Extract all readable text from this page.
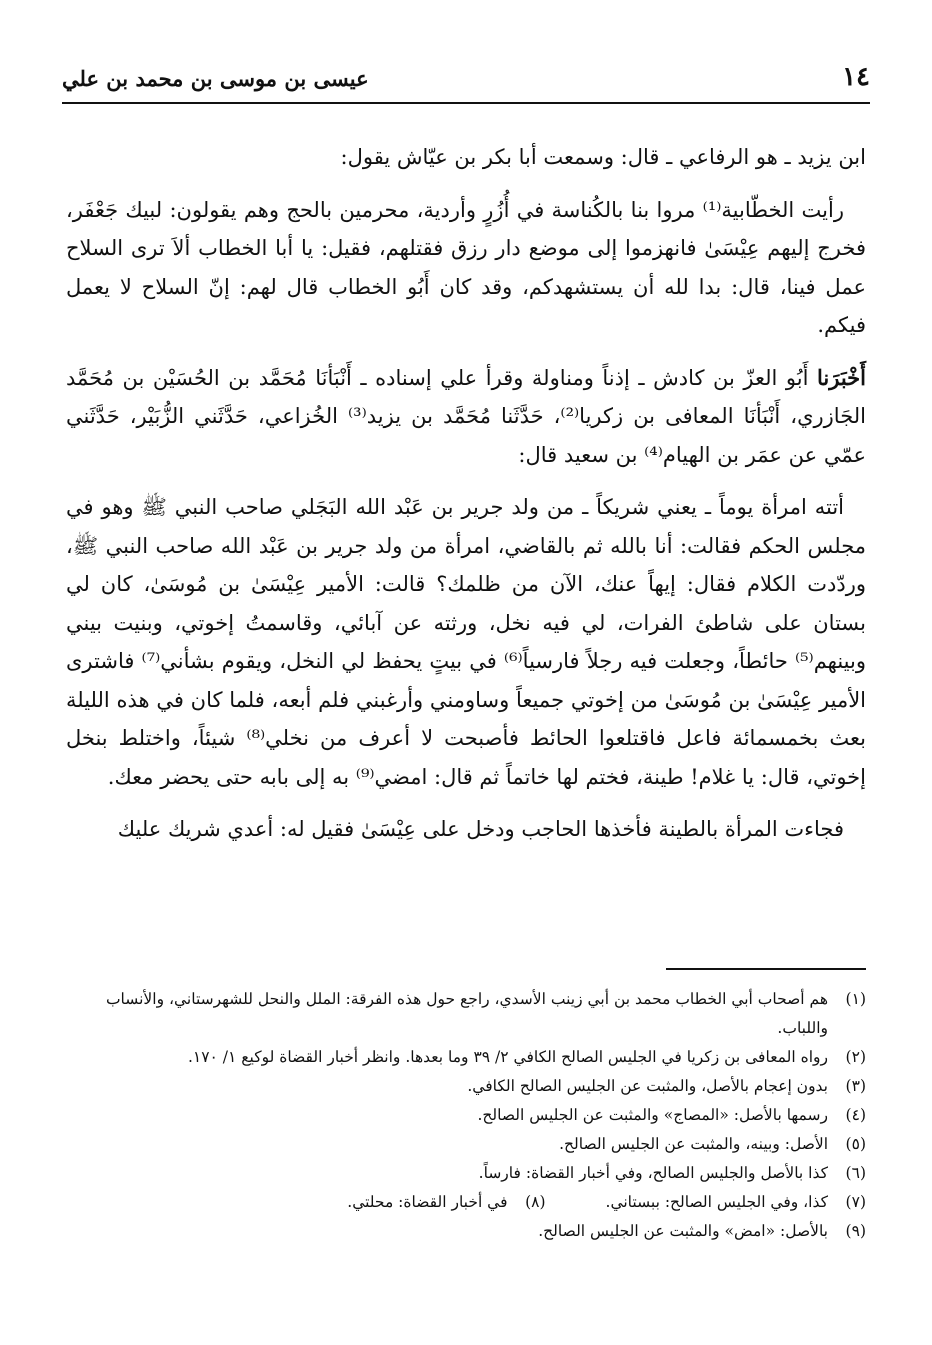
١٤
عيسى بن موسى بن محمد بن علي

ابن يزيد ـ هو الرفاعي ـ قال: وسمعت أبا بكر بن عيّاش يقول:

رأيت الخطّابية⁽¹⁾ مروا بنا بالكُناسة في أُزُرٍ وأردية، محرمين بالحج وهم يقولون: لبيك جَعْفَر، فخرج إليهم عِيْسَىٰ فانهزموا إلى موضع دار رزق فقتلهم، فقيل: يا أبا الخطاب ألاَ ترى السلاح عمل فينا، قال: بدا لله أن يستشهدكم، وقد كان أَبُو الخطاب قال لهم: إنّ السلاح لا يعمل فيكم.

أَخْبَرَنا أَبُو العزّ بن كادش ـ إذناً ومناولة وقرأ علي إسناده ـ أَنْبَأنَا مُحَمَّد بن الحُسَيْن بن مُحَمَّد الجَازري، أَنْبَأنَا المعافى بن زكريا⁽²⁾، حَدَّثَنا مُحَمَّد بن يزيد⁽³⁾ الخُزاعي، حَدَّثَني الزُّبَيْر، حَدَّثَني عمّي عن عمَر بن الهيام⁽⁴⁾ بن سعيد قال:

أتته امرأة يوماً ـ يعني شريكاً ـ من ولد جرير بن عَبْد الله البَجَلي صاحب النبي ﷺ وهو في مجلس الحكم فقالت: أنا بالله ثم بالقاضي، امرأة من ولد جرير بن عَبْد الله صاحب النبي ﷺ، وردّدت الكلام فقال: إيهاً عنك، الآن من ظلمك؟ قالت: الأمير عِيْسَىٰ بن مُوسَىٰ، كان لي بستان على شاطئ الفرات، لي فيه نخل، ورثته عن آبائي، وقاسمتُ إخوتي، وبنيت بيني وبينهم⁽⁵⁾ حائطاً، وجعلت فيه رجلاً فارسياً⁽⁶⁾ في بيتٍ يحفظ لي النخل، ويقوم بشأني⁽⁷⁾ فاشترى الأمير عِيْسَىٰ بن مُوسَىٰ من إخوتي جميعاً وساومني وأرغبني فلم أبعه، فلما كان في هذه الليلة بعث بخمسمائة فاعل فاقتلعوا الحائط فأصبحت لا أعرف من نخلي⁽⁸⁾ شيئاً، واختلط بنخل إخوتي، قال: يا غلام! طينة، فختم لها خاتماً ثم قال: امضي⁽⁹⁾ به إلى بابه حتى يحضر معك.

فجاءت المرأة بالطينة فأخذها الحاجب ودخل على عِيْسَىٰ فقيل له: أعدي شريك عليك

(١)
هم أصحاب أبي الخطاب محمد بن أبي زينب الأسدي، راجع حول هذه الفرقة: الملل والنحل للشهرستاني، والأنساب واللباب.
(٢)
رواه المعافى بن زكريا في الجليس الصالح الكافي ٢/ ٣٩ وما بعدها. وانظر أخبار القضاة لوكيع ١/ ١٧٠.
(٣)
بدون إعجام بالأصل، والمثبت عن الجليس الصالح الكافي.
(٤)
رسمها بالأصل: «المصاج» والمثبت عن الجليس الصالح.
(٥)
الأصل: وبينه، والمثبت عن الجليس الصالح.
(٦)
كذا بالأصل والجليس الصالح، وفي أخبار القضاة: فارساً.
(٧)
كذا، وفي الجليس الصالح: ببستاني.
(٨)
في أخبار القضاة: محلتي.
(٩)
بالأصل: «امض» والمثبت عن الجليس الصالح.
